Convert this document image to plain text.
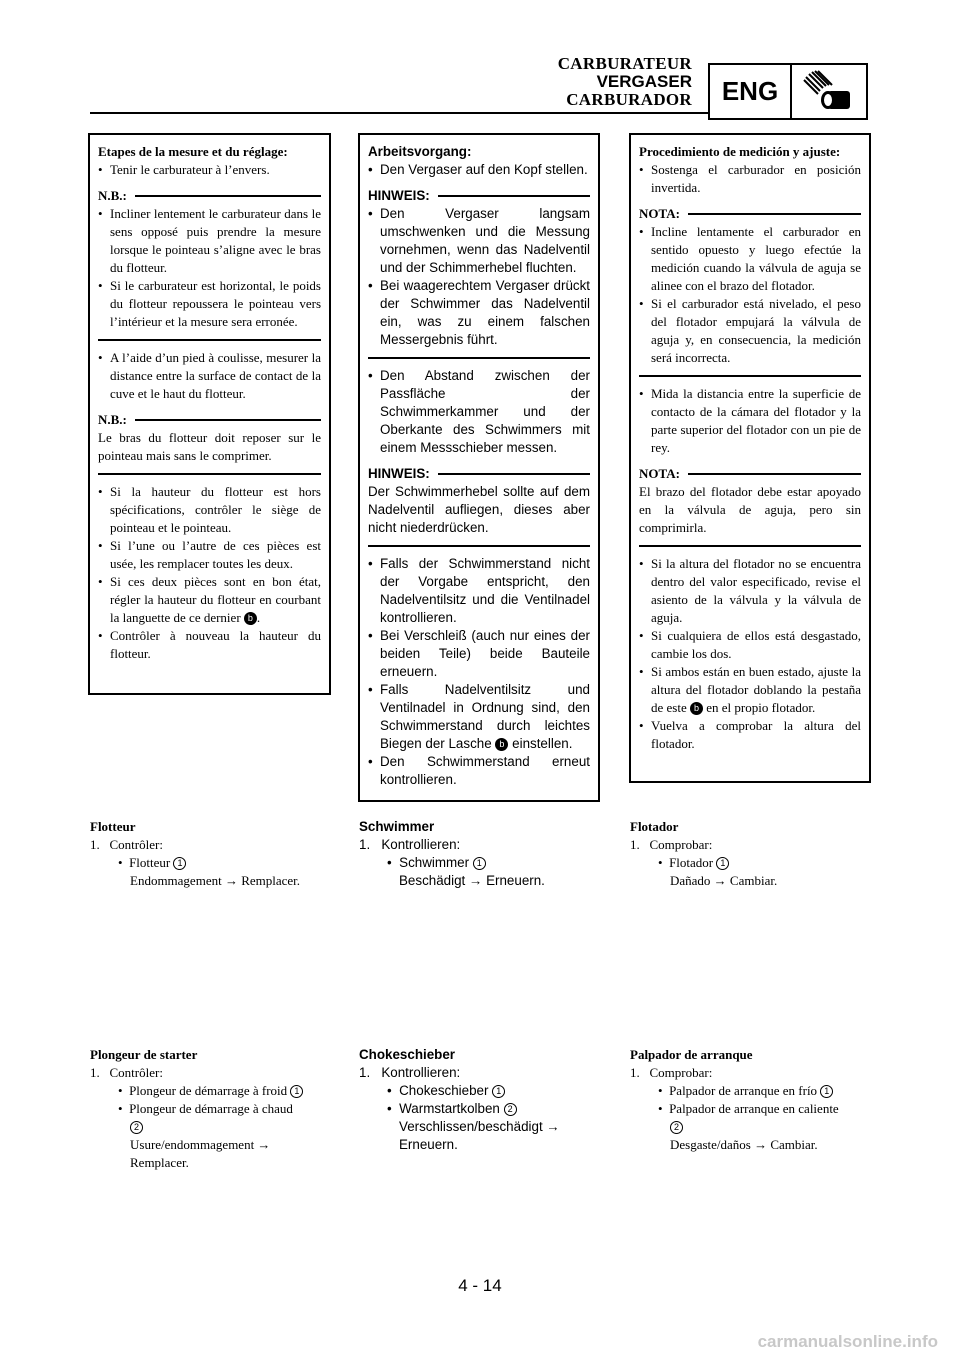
CARBURATEUR
VERGASER
CARBURADOR	ENG
Etapes de la mesure et du réglage:
• Tenir le carburateur à l’envers.
N.B.:
• Incliner lentement le carburateur dans le sens opposé puis prendre la mesure lorsque le pointeau s’aligne avec le bras du flotteur.
• Si le carburateur est horizontal, le poids du flotteur repoussera le pointeau vers l’intérieur et la mesure sera erronée.
• A l’aide d’un pied à coulisse, mesurer la distance entre la surface de contact de la cuve et le haut du flotteur.
N.B.:
Le bras du flotteur doit reposer sur le pointeau mais sans le comprimer.
• Si la hauteur du flotteur est hors spécifications, contrôler le siège de pointeau et le pointeau.
• Si l’une ou l’autre de ces pièces est usée, les remplacer toutes les deux.
• Si ces deux pièces sont en bon état, régler la hauteur du flotteur en courbant la languette de ce dernier b .
• Contrôler à nouveau la hauteur du flotteur.
Arbeitsvorgang:
• Den Vergaser auf den Kopf stellen.
HINWEIS:
• Den Vergaser langsam umschwenken und die Messung vornehmen, wenn das Nadelventil und der Schimmerhebel fluchten.
• Bei waagerechtem Vergaser drückt der Schwimmer das Nadelventil ein, was zu einem falschen Messergebnis führt.
• Den Abstand zwischen der Passfläche der Schwimmerkammer und der Oberkante des Schwimmers mit einem Messschieber messen.
HINWEIS:
Der Schwimmerhebel sollte auf dem Nadelventil aufliegen, dieses aber nicht niederdrücken.
• Falls der Schwimmerstand nicht der Vorgabe entspricht, den Nadelventilsitz und die Ventilnadel kontrollieren.
• Bei Verschleiß (auch nur eines der beiden Teile) beide Bauteile erneuern.
• Falls Nadelventilsitz und Ventilnadel in Ordnung sind, den Schwimmerstand durch leichtes Biegen der Lasche b einstellen.
• Den Schwimmerstand erneut kontrollieren.
Procedimiento de medición y ajuste:
• Sostenga el carburador en posición invertida.
NOTA:
• Incline lentamente el carburador en sentido opuesto y luego efectúe la medición cuando la válvula de aguja se alinee con el brazo del flotador.
• Si el carburador está nivelado, el peso del flotador empujará la válvula de aguja y, en consecuencia, la medición será incorrecta.
• Mida la distancia entre la superficie de contacto de la cámara del flotador y la parte superior del flotador con un pie de rey.
NOTA:
El brazo del flotador debe estar apoyado en la válvula de aguja, pero sin comprimirla.
• Si la altura del flotador no se encuentra dentro del valor especificado, revise el asiento de la válvula y la válvula de aguja.
• Si cualquiera de ellos está desgastado, cambie los dos.
• Si ambos están en buen estado, ajuste la altura del flotador doblando la pestaña de este b en el propio flotador.
• Vuelva a comprobar la altura del flotador.
Flotteur
1. Contrôler:
•  Flotteur 1
Endommagement → Remplacer.
Schwimmer
1. Kontrollieren:
•  Schwimmer 1
Beschädigt → Erneuern.
Flotador
1. Comprobar:
•  Flotador 1
Dañado → Cambiar.
Plongeur de starter
1. Contrôler:
•  Plongeur de démarrage à froid 1
•  Plongeur de démarrage à chaud
2
Usure/endommagement → Remplacer.
Chokeschieber
1. Kontrollieren:
•  Chokeschieber 1
•  Warmstartkolben 2
Verschlissen/beschädigt → Erneuern.
Palpador de arranque
1. Comprobar:
•  Palpador de arranque en frío 1
•  Palpador de arranque en caliente
2
Desgaste/daños → Cambiar.
4 - 14
carmanualsonline.info
